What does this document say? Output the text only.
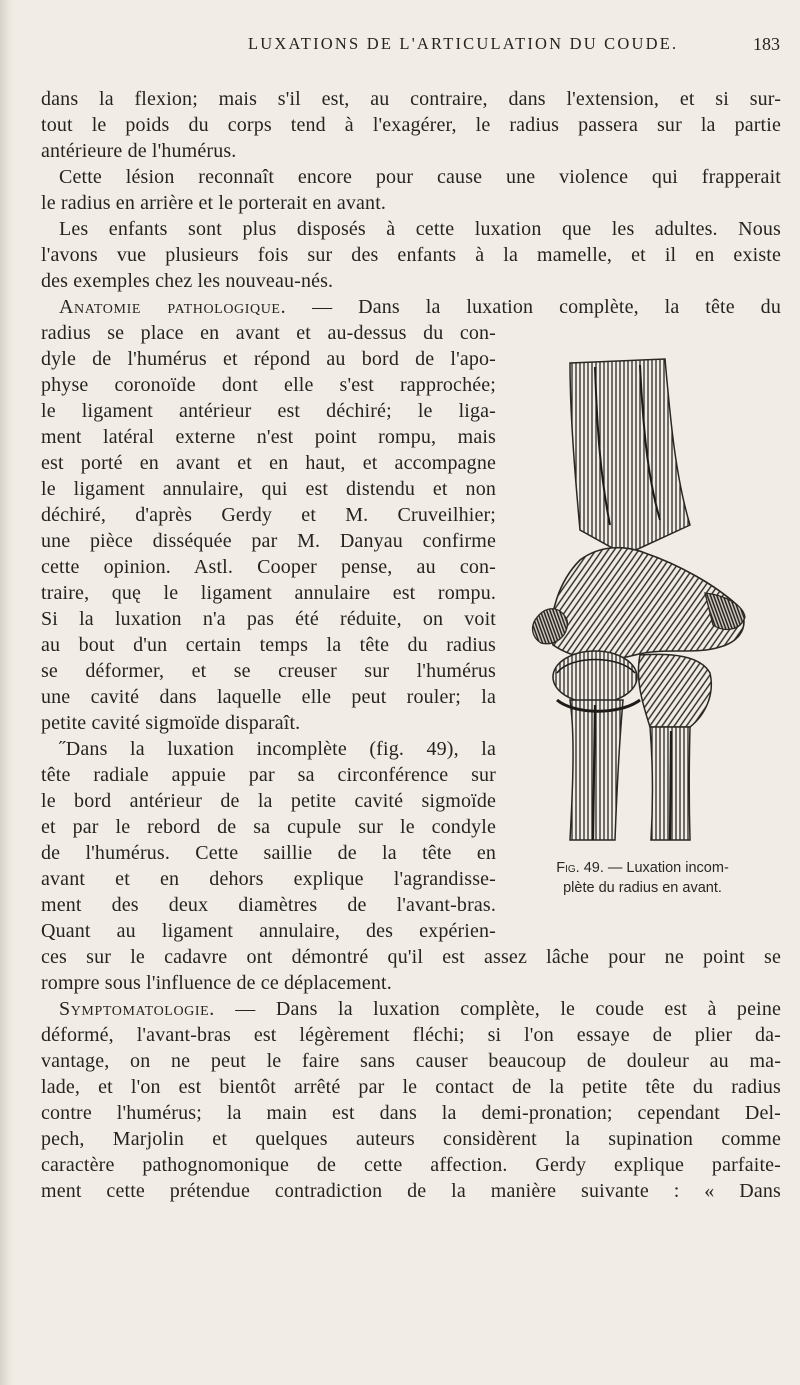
LUXATIONS DE L'ARTICULATION DU COUDE.	183
dans la flexion; mais s'il est, au contraire, dans l'extension, et si sur-
tout le poids du corps tend à l'exagérer, le radius passera sur la partie
antérieure de l'humérus.
Cette lésion reconnaît encore pour cause une violence qui frapperait
le radius en arrière et le porterait en avant.
Les enfants sont plus disposés à cette luxation que les adultes. Nous
l'avons vue plusieurs fois sur des enfants à la mamelle, et il en existe
des exemples chez les nouveau-nés.
Anatomie pathologique. — Dans la luxation complète, la tête du
radius se place en avant et au-dessus du con-
dyle de l'humérus et répond au bord de l'apo-
physe coronoïde dont elle s'est rapprochée;
le ligament antérieur est déchiré; le liga-
ment latéral externe n'est point rompu, mais
est porté en avant et en haut, et accompagne
le ligament annulaire, qui est distendu et non
déchiré, d'après Gerdy et M. Cruveilhier;
une pièce disséquée par M. Danyau confirme
cette opinion. Astl. Cooper pense, au con-
traire, quę le ligament annulaire est rompu.
Si la luxation n'a pas été réduite, on voit
au bout d'un certain temps la tête du radius
se déformer, et se creuser sur l'humérus
une cavité dans laquelle elle peut rouler; la
petite cavité sigmoïde disparaît.
˝Dans la luxation incomplète (fig. 49), la
tête radiale appuie par sa circonférence sur
le bord antérieur de la petite cavité sigmoïde
et par le rebord de sa cupule sur le condyle
de l'humérus. Cette saillie de la tête en
avant et en dehors explique l'agrandisse-
ment des deux diamètres de l'avant-bras.
Quant au ligament annulaire, des expérien-
ces sur le cadavre ont démontré qu'il est assez lâche pour ne point se
rompre sous l'influence de ce déplacement.
Symptomatologie. — Dans la luxation complète, le coude est à peine
déformé, l'avant-bras est légèrement fléchi; si l'on essaye de plier da-
vantage, on ne peut le faire sans causer beaucoup de douleur au ma-
lade, et l'on est bientôt arrêté par le contact de la petite tête du radius
contre l'humérus; la main est dans la demi-pronation; cependant Del-
pech, Marjolin et quelques auteurs considèrent la supination comme
caractère pathognomonique de cette affection. Gerdy explique parfaite-
ment cette prétendue contradiction de la manière suivante : « Dans
Fig. 49. — Luxation incom-
plète du radius en avant.
